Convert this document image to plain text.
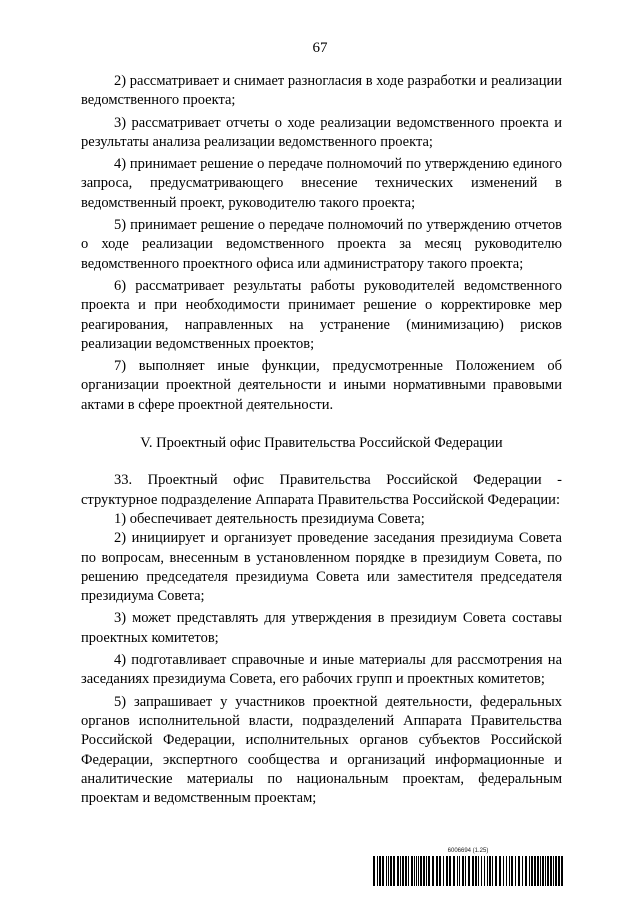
67

2) рассматривает и снимает разногласия в ходе разработки и реализации ведомственного проекта;

3) рассматривает отчеты о ходе реализации ведомственного проекта и результаты анализа реализации ведомственного проекта;

4) принимает решение о передаче полномочий по утверждению единого запроса, предусматривающего внесение технических изменений в ведомственный проект, руководителю такого проекта;

5) принимает решение о передаче полномочий по утверждению отчетов о ходе реализации ведомственного проекта за месяц руководителю ведомственного проектного офиса или администратору такого проекта;

6) рассматривает результаты работы руководителей ведомственного проекта и при необходимости принимает решение о корректировке мер реагирования, направленных на устранение (минимизацию) рисков реализации ведомственных проектов;

7) выполняет иные функции, предусмотренные Положением об организации проектной деятельности и иными нормативными правовыми актами в сфере проектной деятельности.

V. Проектный офис Правительства Российской Федерации

33. Проектный офис Правительства Российской Федерации - структурное подразделение Аппарата Правительства Российской Федерации:

1) обеспечивает деятельность президиума Совета;

2) инициирует и организует проведение заседания президиума Совета по вопросам, внесенным в установленном порядке в президиум Совета, по решению председателя президиума Совета или заместителя председателя президиума Совета;

3) может представлять для утверждения в президиум Совета составы проектных комитетов;

4) подготавливает справочные и иные материалы для рассмотрения на заседаниях президиума Совета, его рабочих групп и проектных комитетов;

5) запрашивает у участников проектной деятельности, федеральных органов исполнительной власти, подразделений Аппарата Правительства Российской Федерации, исполнительных органов субъектов Российской Федерации, экспертного сообщества и организаций информационные и аналитические материалы по национальным проектам, федеральным проектам и ведомственным проектам;

6006694 (1.25)
